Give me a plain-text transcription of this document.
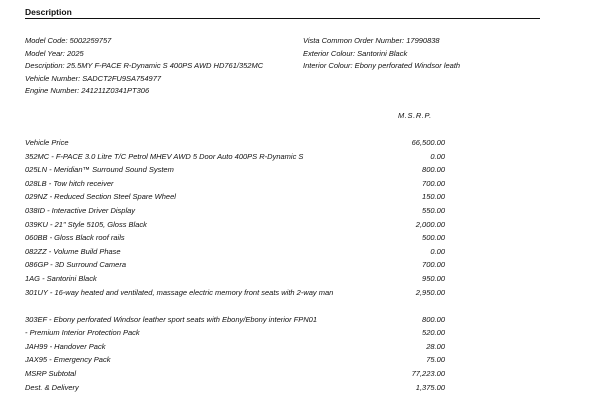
Description
Model Code: 5002259757
Model Year: 2025
Description: 25.5MY F-PACE R-Dynamic S 400PS AWD HD761/352MC
Vehicle Number: SADCT2FU9SA754977
Engine Number: 241211Z0341PT306
Vista Common Order Number: 17990838
Exterior Colour: Santorini Black
Interior Colour: Ebony perforated Windsor leath
M.S.R.P.
Vehicle Price	66,500.00
352MC - F-PACE 3.0 Litre T/C Petrol MHEV AWD 5 Door Auto 400PS R-Dynamic S	0.00
025LN - Meridian™ Surround Sound System	800.00
028LB - Tow hitch receiver	700.00
029NZ - Reduced Section Steel Spare Wheel	150.00
038ID - Interactive Driver Display	550.00
039KU - 21" Style 5105, Gloss Black	2,000.00
060BB - Gloss Black roof rails	500.00
082ZZ - Volume Build Phase	0.00
086GP - 3D Surround Camera	700.00
1AG - Santorini Black	950.00
301UY - 16-way heated and ventilated, massage electric memory front seats with 2-way man	2,950.00
303EF - Ebony perforated Windsor leather sport seats with Ebony/Ebony interior FPN01	800.00
- Premium Interior Protection Pack	520.00
JAH99 - Handover Pack	28.00
JAX95 - Emergency Pack	75.00
MSRP Subtotal	77,223.00
Dest. & Delivery	1,375.00
